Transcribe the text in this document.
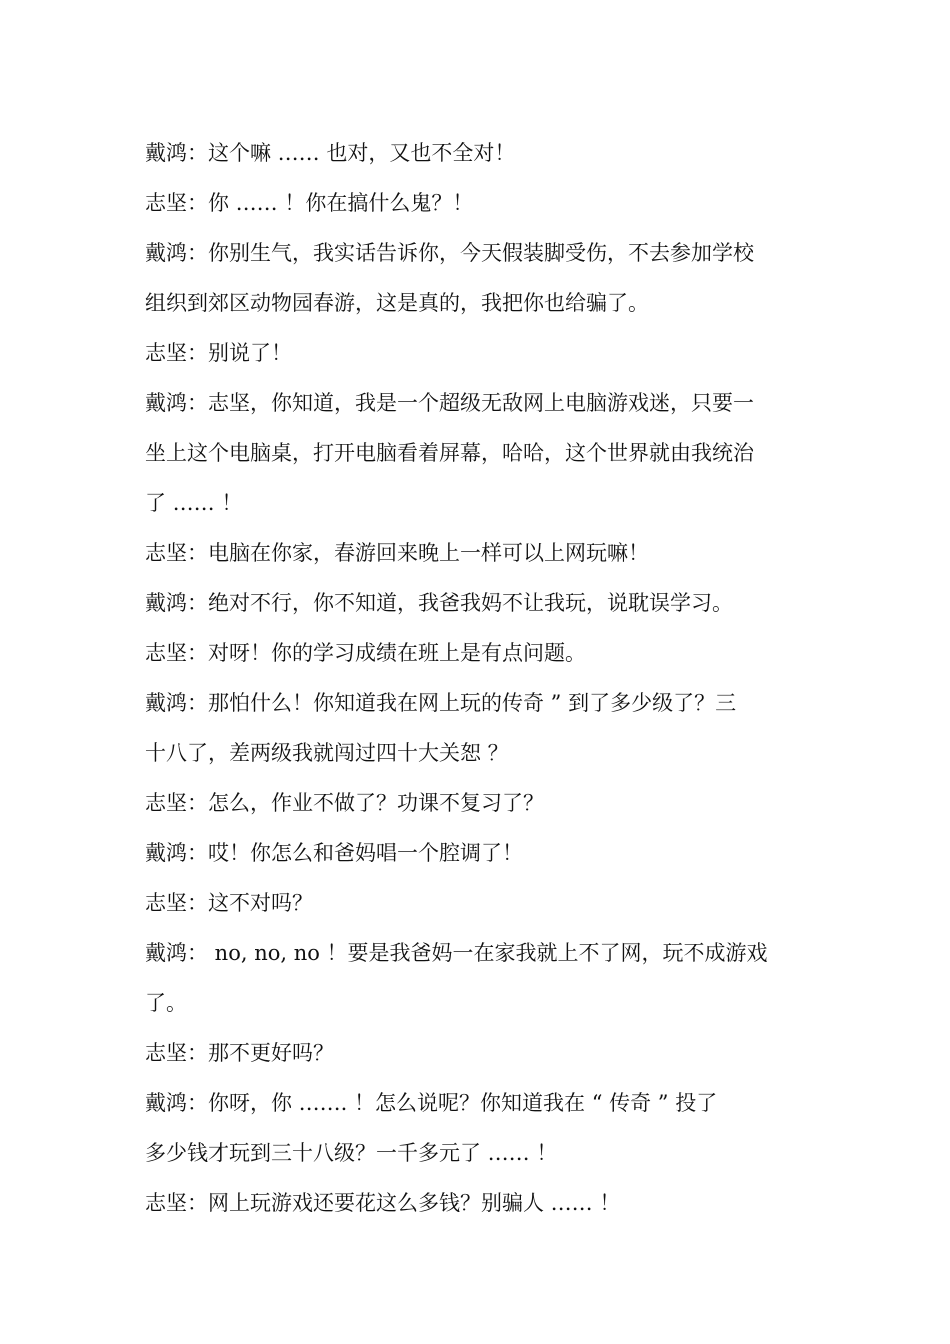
戴鸿：这个嘛 …… 也对，又也不全对！

志坚：你 …… ！你在搞什么鬼？！

戴鸿：你别生气，我实话告诉你，今天假装脚受伤，不去参加学校

组织到郊区动物园春游，这是真的，我把你也给骗了。

志坚：别说了！

戴鸿：志坚，你知道，我是一个超级无敌网上电脑游戏迷，只要一

坐上这个电脑桌，打开电脑看着屏幕，哈哈，这个世界就由我统治

了 …… ！

志坚：电脑在你家，春游回来晚上一样可以上网玩嘛！

戴鸿：绝对不行，你不知道，我爸我妈不让我玩，说耽误学习。

志坚：对呀！你的学习成绩在班上是有点问题。

戴鸿：那怕什么！你知道我在网上玩的传奇 ” 到了多少级了？三

十八了，差两级我就闯过四十大关恕 ？

志坚：怎么，作业不做了？功课不复习了？

戴鸿：哎！你怎么和爸妈唱一个腔调了！

志坚：这不对吗？

戴鸿： no, no, no ！要是我爸妈一在家我就上不了网，玩不成游戏

了。

志坚：那不更好吗？

戴鸿：你呀，你 ……. ！怎么说呢？你知道我在 “ 传奇 ” 投了

多少钱才玩到三十八级？一千多元了 …… ！

志坚：网上玩游戏还要花这么多钱？别骗人 …… ！
